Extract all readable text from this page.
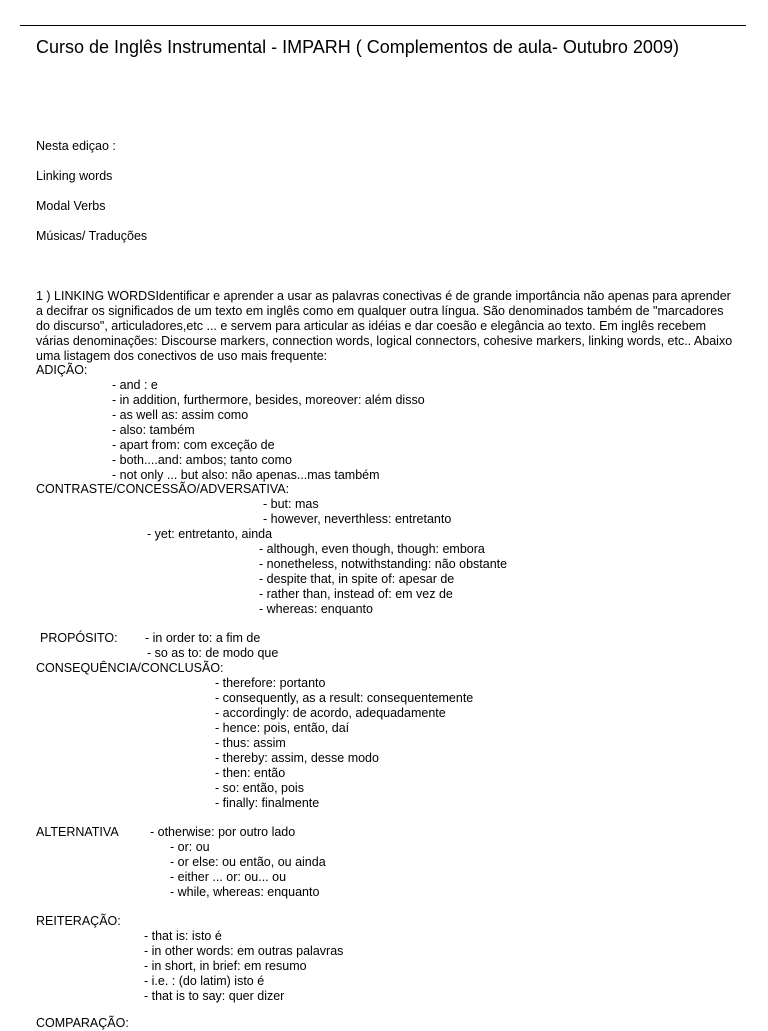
Curso de Inglês Instrumental - IMPARH ( Complementos de aula- Outubro 2009)
Nesta ediçao :
Linking words
Modal Verbs
Músicas/ Traduções
1 ) LINKING WORDSIdentificar e aprender a usar as palavras conectivas é de grande importância não apenas para aprender a decifrar os significados de um texto em inglês como em qualquer outra língua. São denominados também de "marcadores do discurso", articuladores,etc ... e servem para articular as idéias e dar coesão e elegância ao texto. Em inglês recebem várias denominações: Discourse markers, connection words, logical connectors, cohesive markers, linking words, etc.. Abaixo uma listagem dos conectivos de uso mais frequente:
ADIÇÃO:
- and : e
- in addition, furthermore, besides, moreover: além disso
- as well as: assim como
- also: também
- apart from: com exceção de
- both....and: ambos; tanto como
- not only ... but also: não apenas...mas também
CONTRASTE/CONCESSÃO/ADVERSATIVA:
- but: mas
- however, neverthless: entretanto
- yet: entretanto, ainda
- although, even though, though: embora
- nonetheless, notwithstanding: não obstante
- despite that, in spite of: apesar de
- rather than, instead of: em vez de
- whereas: enquanto
PROPÓSITO: - in order to: a fim de
- so as to: de modo que
CONSEQUÊNCIA/CONCLUSÃO:
- therefore: portanto
- consequently, as a result: consequentemente
- accordingly: de acordo, adequadamente
- hence: pois, então, daí
- thus: assim
- thereby: assim, desse modo
- then: então
- so: então, pois
- finally: finalmente
ALTERNATIVA	- otherwise: por outro lado
- or: ou
- or else: ou então, ou ainda
- either ... or: ou... ou
- while, whereas: enquanto
REITERAÇÃO:
- that is: isto é
- in other words: em outras palavras
- in short, in brief: em resumo
- i.e. : (do latim) isto é
- that is to say: quer dizer
COMPARAÇÃO:
